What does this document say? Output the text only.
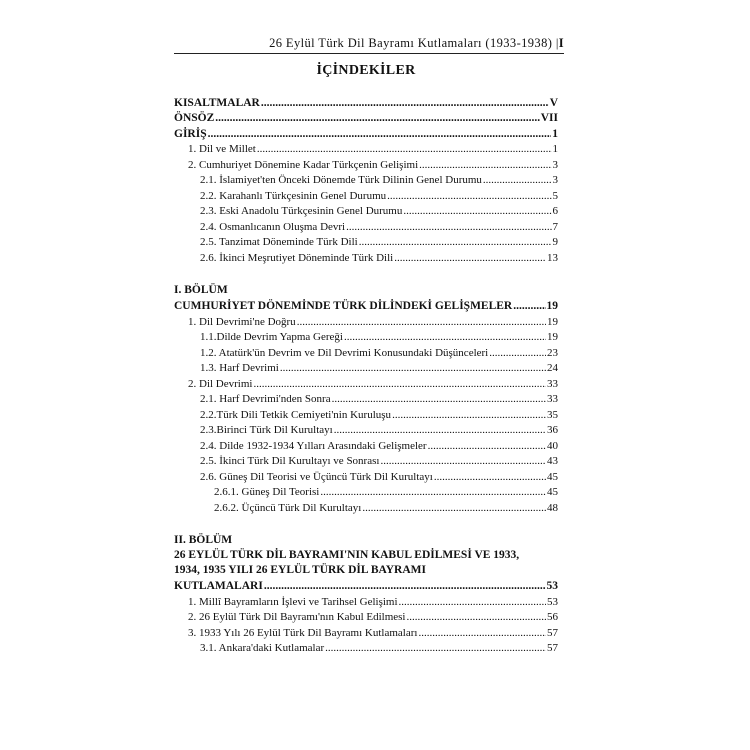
26 Eylül Türk Dil Bayramı Kutlamaları (1933-1938) |I
İÇİNDEKİLER
KISALTMALAR .....	V
ÖNSÖZ .....	VII
GİRİŞ .....	1
1. Dil ve Millet .....	1
2. Cumhuriyet Dönemine Kadar Türkçenin Gelişimi .....	3
2.1. İslamiyet'ten Önceki Dönemde Türk Dilinin Genel Durumu .....	3
2.2. Karahanlı Türkçesinin Genel Durumu .....	5
2.3. Eski Anadolu Türkçesinin Genel Durumu .....	6
2.4. Osmanlıcanın Oluşma Devri .....	7
2.5. Tanzimat Döneminde Türk Dili .....	9
2.6. İkinci Meşrutiyet Döneminde Türk Dili .....	13
I. BÖLÜM
CUMHURİYET DÖNEMİNDE TÜRK DİLİNDEKİ GELİŞMELER .....	19
1. Dil Devrimi'ne Doğru .....	19
1.1.Dilde Devrim Yapma Gereği .....	19
1.2. Atatürk'ün Devrim ve Dil Devrimi Konusundaki Düşünceleri .....	23
1.3. Harf Devrimi .....	24
2. Dil Devrimi .....	33
2.1. Harf Devrimi'nden Sonra .....	33
2.2.Türk Dili Tetkik Cemiyeti'nin Kuruluşu .....	35
2.3.Birinci Türk Dil Kurultayı .....	36
2.4. Dilde 1932-1934 Yılları Arasındaki Gelişmeler .....	40
2.5. İkinci Türk Dil Kurultayı ve Sonrası .....	43
2.6. Güneş Dil Teorisi ve Üçüncü Türk Dil Kurultayı .....	45
2.6.1. Güneş Dil Teorisi .....	45
2.6.2. Üçüncü Türk Dil Kurultayı .....	48
II. BÖLÜM
26 EYLÜL TÜRK DİL BAYRAMI'NIN KABUL EDİLMESİ VE 1933,
1934, 1935 YILI 26 EYLÜL TÜRK DİL BAYRAMI
KUTLAMALARI .....	53
1. Millî Bayramların İşlevi ve Tarihsel Gelişimi .....	53
2. 26 Eylül Türk Dil Bayramı'nın Kabul Edilmesi .....	56
3. 1933 Yılı 26 Eylül Türk Dil Bayramı Kutlamaları .....	57
3.1. Ankara'daki Kutlamalar .....	57
